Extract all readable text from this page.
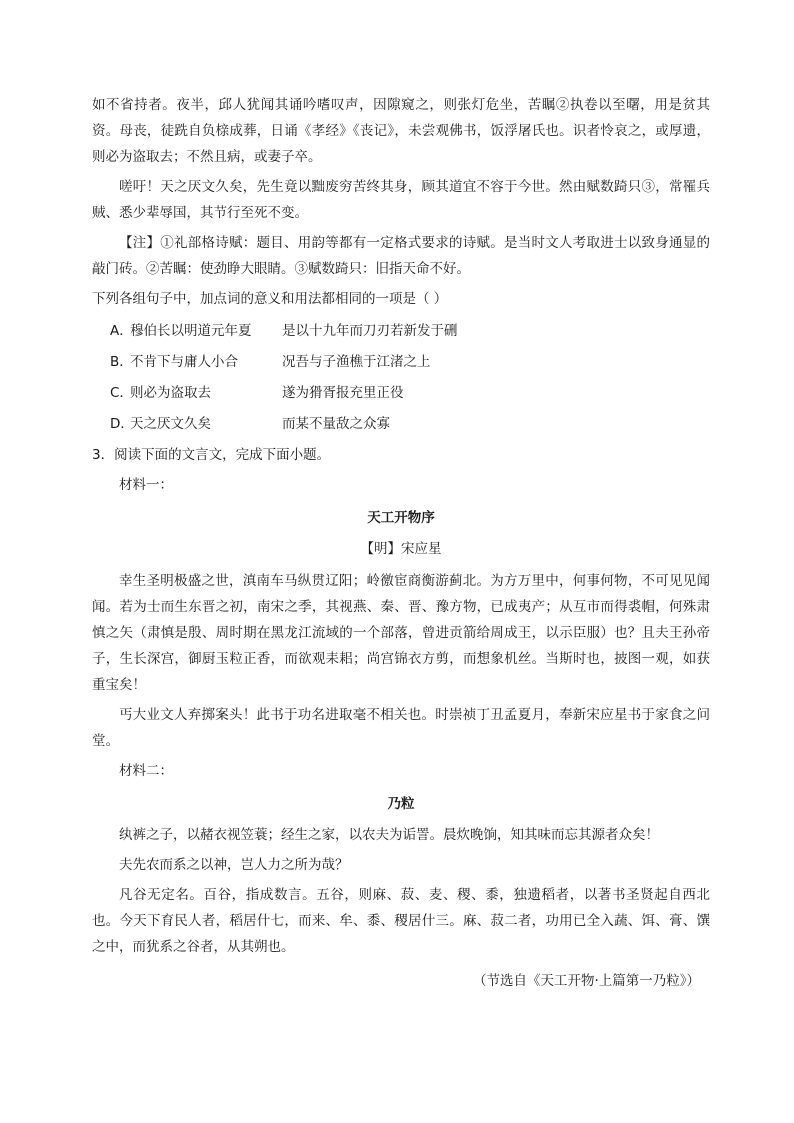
如不省持者。夜半，邱人犹闻其诵吟嗜叹声，因隙窥之，则张灯危坐，苦瞩②执卷以至曙，用是贫其资。母丧，徒跣自负榇成葬，日诵《孝经》《丧记》，未尝观佛书，饭浮屠氏也。识者怜哀之，或厚遗，则必为盗取去；不然且病，或妻子卒。

嗟吁！天之厌文久矣，先生竟以黜废穷苦终其身，顾其道宜不容于今世。然由赋数踦只③，常罹兵贼、悉少辈辱国，其节行至死不变。

【注】①礼部格诗赋：题目、用韵等都有一定格式要求的诗赋。是当时文人考取进士以致身通显的敲门砖。②苦瞩：使劲睁大眼睛。③赋数踦只：旧指天命不好。

下列各组句子中，加点词的意义和用法都相同的一项是（ ）

A．
穆伯长以明道元年夏	是以十九年而刀刃若新发于硎
B．
不肯下与庸人小合	况吾与子渔樵于江渚之上
C．
则必为盗取去	遂为猾胥报充里正役
D．
天之厌文久矣	而某不量敌之众寡

3．阅读下面的文言文，完成下面小题。

材料一：

天工开物序
【明】宋应星

幸生圣明极盛之世，滇南车马纵贯辽阳；岭徼宦商衡游蓟北。为方万里中，何事何物，不可见见闻闻。若为士而生东晋之初，南宋之季，其视燕、秦、晋、豫方物，已成夷产；从互市而得裘帽，何殊肃慎之矢（肃慎是殷、周时期在黑龙江流域的一个部落，曾进贡箭给周成王，以示臣服）也？且夫王孙帝子，生长深宫，御厨玉粒正香，而欲观耒耜；尚宫锦衣方剪，而想象机丝。当斯时也，披图一观，如获重宝矣！

丐大业文人弃掷案头！此书于功名进取毫不相关也。时崇祯丁丑孟夏月，奉新宋应星书于家食之问堂。

材料二：

乃粒

纨裤之子，以赭衣视笠蓑；经生之家，以农夫为诟詈。晨炊晚饷，知其味而忘其源者众矣！

夫先农而系之以神，岂人力之所为哉？

凡谷无定名。百谷，指成数言。五谷，则麻、菽、麦、稷、黍，独遗稻者，以著书圣贤起自西北也。今天下育民人者，稻居什七，而来、牟、黍、稷居什三。麻、菽二者，功用已全入蔬、饵、膏、馔之中，而犹系之谷者，从其朔也。

（节选自《天工开物·上篇第一乃粒》）
